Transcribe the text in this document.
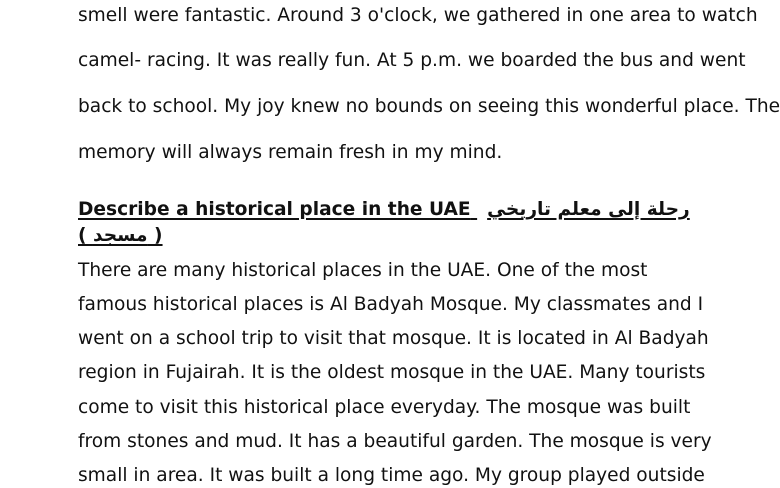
smell were fantastic. Around 3 o'clock, we gathered in one area to watch
camel- racing. It was really fun. At 5 p.m. we boarded the bus and went
back to school. My joy knew no bounds on seeing this wonderful place. The
memory will always remain fresh in my mind.
Describe a historical place in the UAE رحلة إلى معلم تاريخي
( مسجد )
There are many historical places in the UAE. One of the most
famous historical places is Al Badyah Mosque. My classmates and I
went on a school trip to visit that mosque. It is located in Al Badyah
region in Fujairah. It is the oldest mosque in the UAE. Many tourists
come to visit this historical place everyday. The mosque was built
from stones and mud. It has a beautiful garden. The mosque is very
small in area. It was built a long time ago. My group played outside
